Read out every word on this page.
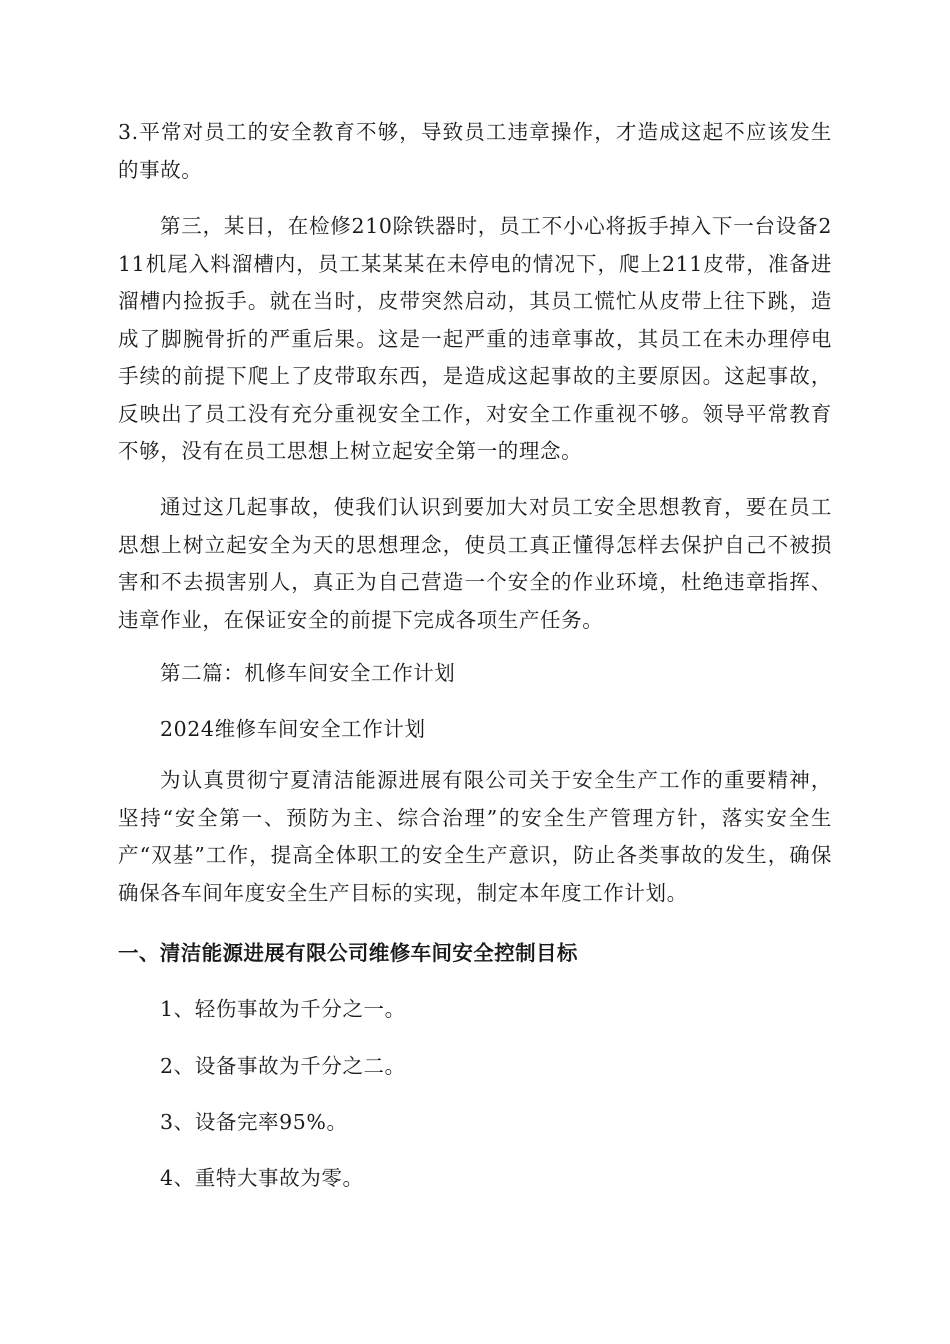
3.平常对员工的安全教育不够，导致员工违章操作，才造成这起不应该发生的事故。

第三，某日，在检修210除铁器时，员工不小心将扳手掉入下一台设备211机尾入料溜槽内，员工某某某在未停电的情况下，爬上211皮带，准备进溜槽内捡扳手。就在当时，皮带突然启动，其员工慌忙从皮带上往下跳，造成了脚腕骨折的严重后果。这是一起严重的违章事故，其员工在未办理停电手续的前提下爬上了皮带取东西，是造成这起事故的主要原因。这起事故，反映出了员工没有充分重视安全工作，对安全工作重视不够。领导平常教育不够，没有在员工思想上树立起安全第一的理念。

通过这几起事故，使我们认识到要加大对员工安全思想教育，要在员工思想上树立起安全为天的思想理念，使员工真正懂得怎样去保护自己不被损害和不去损害别人，真正为自己营造一个安全的作业环境，杜绝违章指挥、违章作业，在保证安全的前提下完成各项生产任务。

第二篇：机修车间安全工作计划

2024维修车间安全工作计划

为认真贯彻宁夏清洁能源进展有限公司关于安全生产工作的重要精神，坚持“安全第一、预防为主、综合治理”的安全生产管理方针，落实安全生产“双基”工作，提高全体职工的安全生产意识，防止各类事故的发生，确保确保各车间年度安全生产目标的实现，制定本年度工作计划。

一、清洁能源进展有限公司维修车间安全控制目标

1、轻伤事故为千分之一。

2、设备事故为千分之二。

3、设备完率95%。

4、重特大事故为零。
